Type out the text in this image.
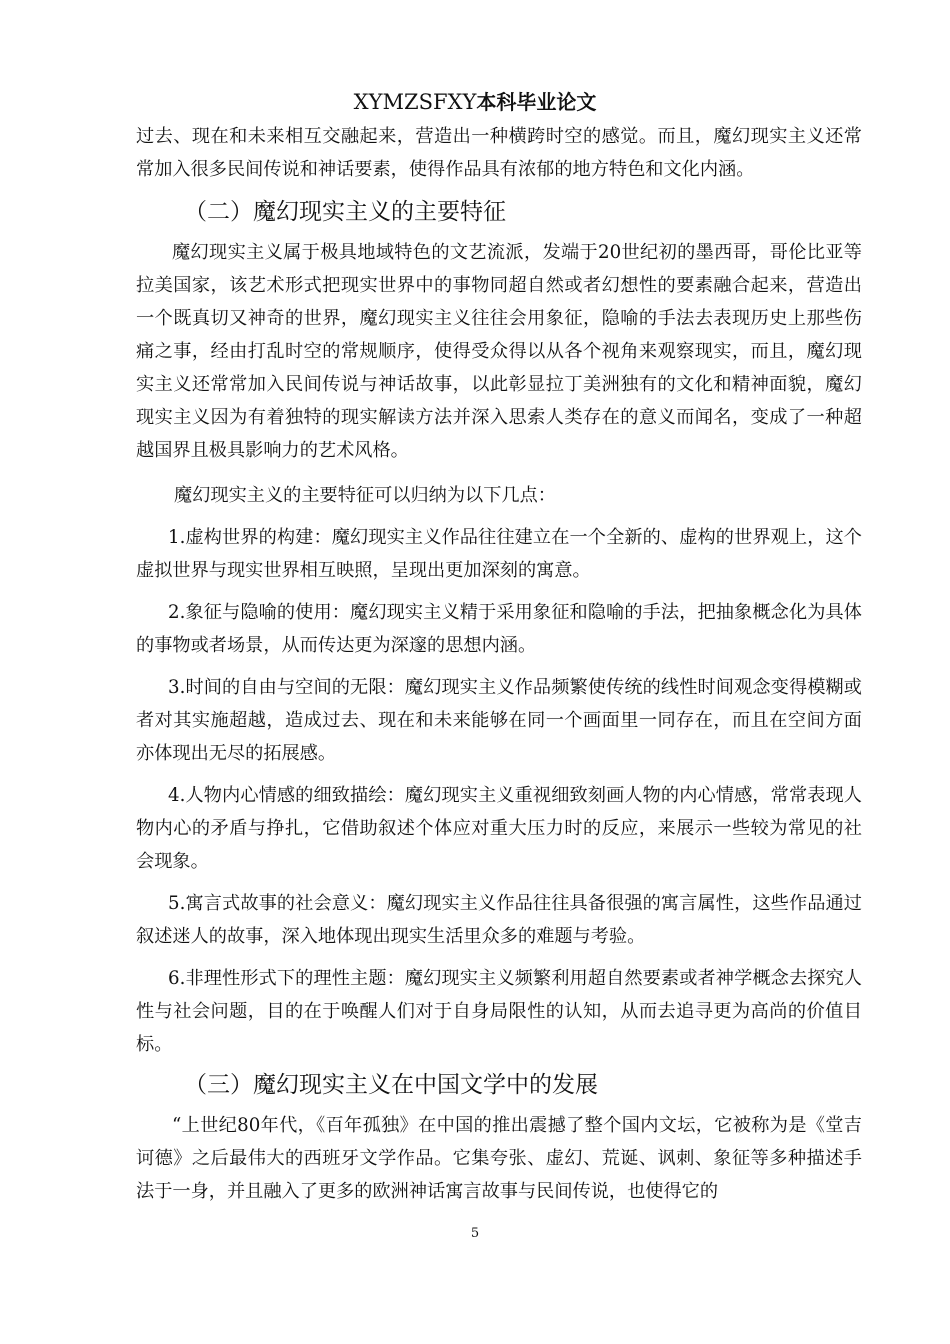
XYMZSFXY本科毕业论文

过去、现在和未来相互交融起来，营造出一种横跨时空的感觉。而且，魔幻现实主义还常常加入很多民间传说和神话要素，使得作品具有浓郁的地方特色和文化内涵。

（二）魔幻现实主义的主要特征

魔幻现实主义属于极具地域特色的文艺流派，发端于20世纪初的墨西哥，哥伦比亚等拉美国家，该艺术形式把现实世界中的事物同超自然或者幻想性的要素融合起来，营造出一个既真切又神奇的世界，魔幻现实主义往往会用象征，隐喻的手法去表现历史上那些伤痛之事，经由打乱时空的常规顺序，使得受众得以从各个视角来观察现实，而且，魔幻现实主义还常常加入民间传说与神话故事，以此彰显拉丁美洲独有的文化和精神面貌，魔幻现实主义因为有着独特的现实解读方法并深入思索人类存在的意义而闻名，变成了一种超越国界且极具影响力的艺术风格。

魔幻现实主义的主要特征可以归纳为以下几点：

1.虚构世界的构建：魔幻现实主义作品往往建立在一个全新的、虚构的世界观上，这个虚拟世界与现实世界相互映照，呈现出更加深刻的寓意。

2.象征与隐喻的使用：魔幻现实主义精于采用象征和隐喻的手法，把抽象概念化为具体的事物或者场景，从而传达更为深邃的思想内涵。

3.时间的自由与空间的无限：魔幻现实主义作品频繁使传统的线性时间观念变得模糊或者对其实施超越，造成过去、现在和未来能够在同一个画面里一同存在，而且在空间方面亦体现出无尽的拓展感。

4.人物内心情感的细致描绘：魔幻现实主义重视细致刻画人物的内心情感，常常表现人物内心的矛盾与挣扎，它借助叙述个体应对重大压力时的反应，来展示一些较为常见的社会现象。

5.寓言式故事的社会意义：魔幻现实主义作品往往具备很强的寓言属性，这些作品通过叙述迷人的故事，深入地体现出现实生活里众多的难题与考验。

6.非理性形式下的理性主题：魔幻现实主义频繁利用超自然要素或者神学概念去探究人性与社会问题，目的在于唤醒人们对于自身局限性的认知，从而去追寻更为高尚的价值目标。

（三）魔幻现实主义在中国文学中的发展

“上世纪80年代，《百年孤独》在中国的推出震撼了整个国内文坛，它被称为是《堂吉诃德》之后最伟大的西班牙文学作品。它集夸张、虚幻、荒诞、讽刺、象征等多种描述手法于一身，并且融入了更多的欧洲神话寓言故事与民间传说，也使得它的

5
